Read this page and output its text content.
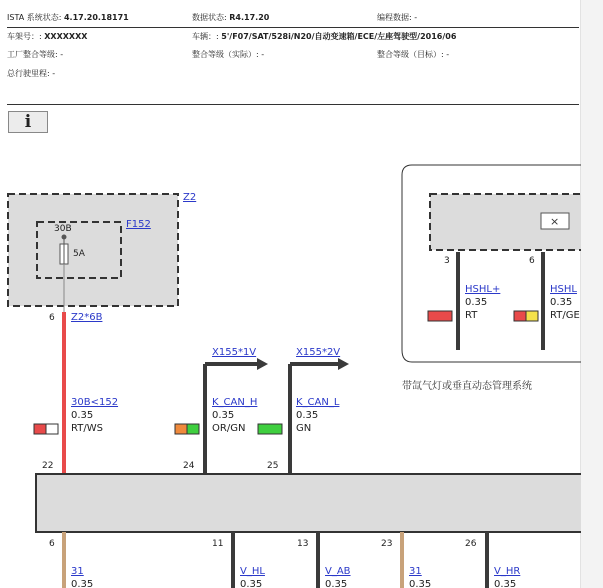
ISTA 系统状态: 4.17.20.18171	数据状态: R4.17.20	编程数据: -
车架号：: XXXXXXX	车辆：: 5'/F07/SAT/528i/N20/自动变速箱/ECE/左座驾驶型/2016/06
工厂整合等级: -	整合等级（实际）: -	整合等级（目标）: -
总行驶里程: -
i
Z2
F152
30B
5A
6 Z2*6B
30B<152
0.35
RT/WS
22
X155*1V
K_CAN_H
0.35
OR/GN
24
X155*2V
K_CAN_L
0.35
GN
25
×
3
HSHL+
0.35
RT
6
HSHL
0.35
RT/GE
带氙气灯或垂直动态管理系统
6
31
0.35
11
V_HL
0.35
13
V_AB
0.35
23
31
0.35
26
V_HR
0.35
